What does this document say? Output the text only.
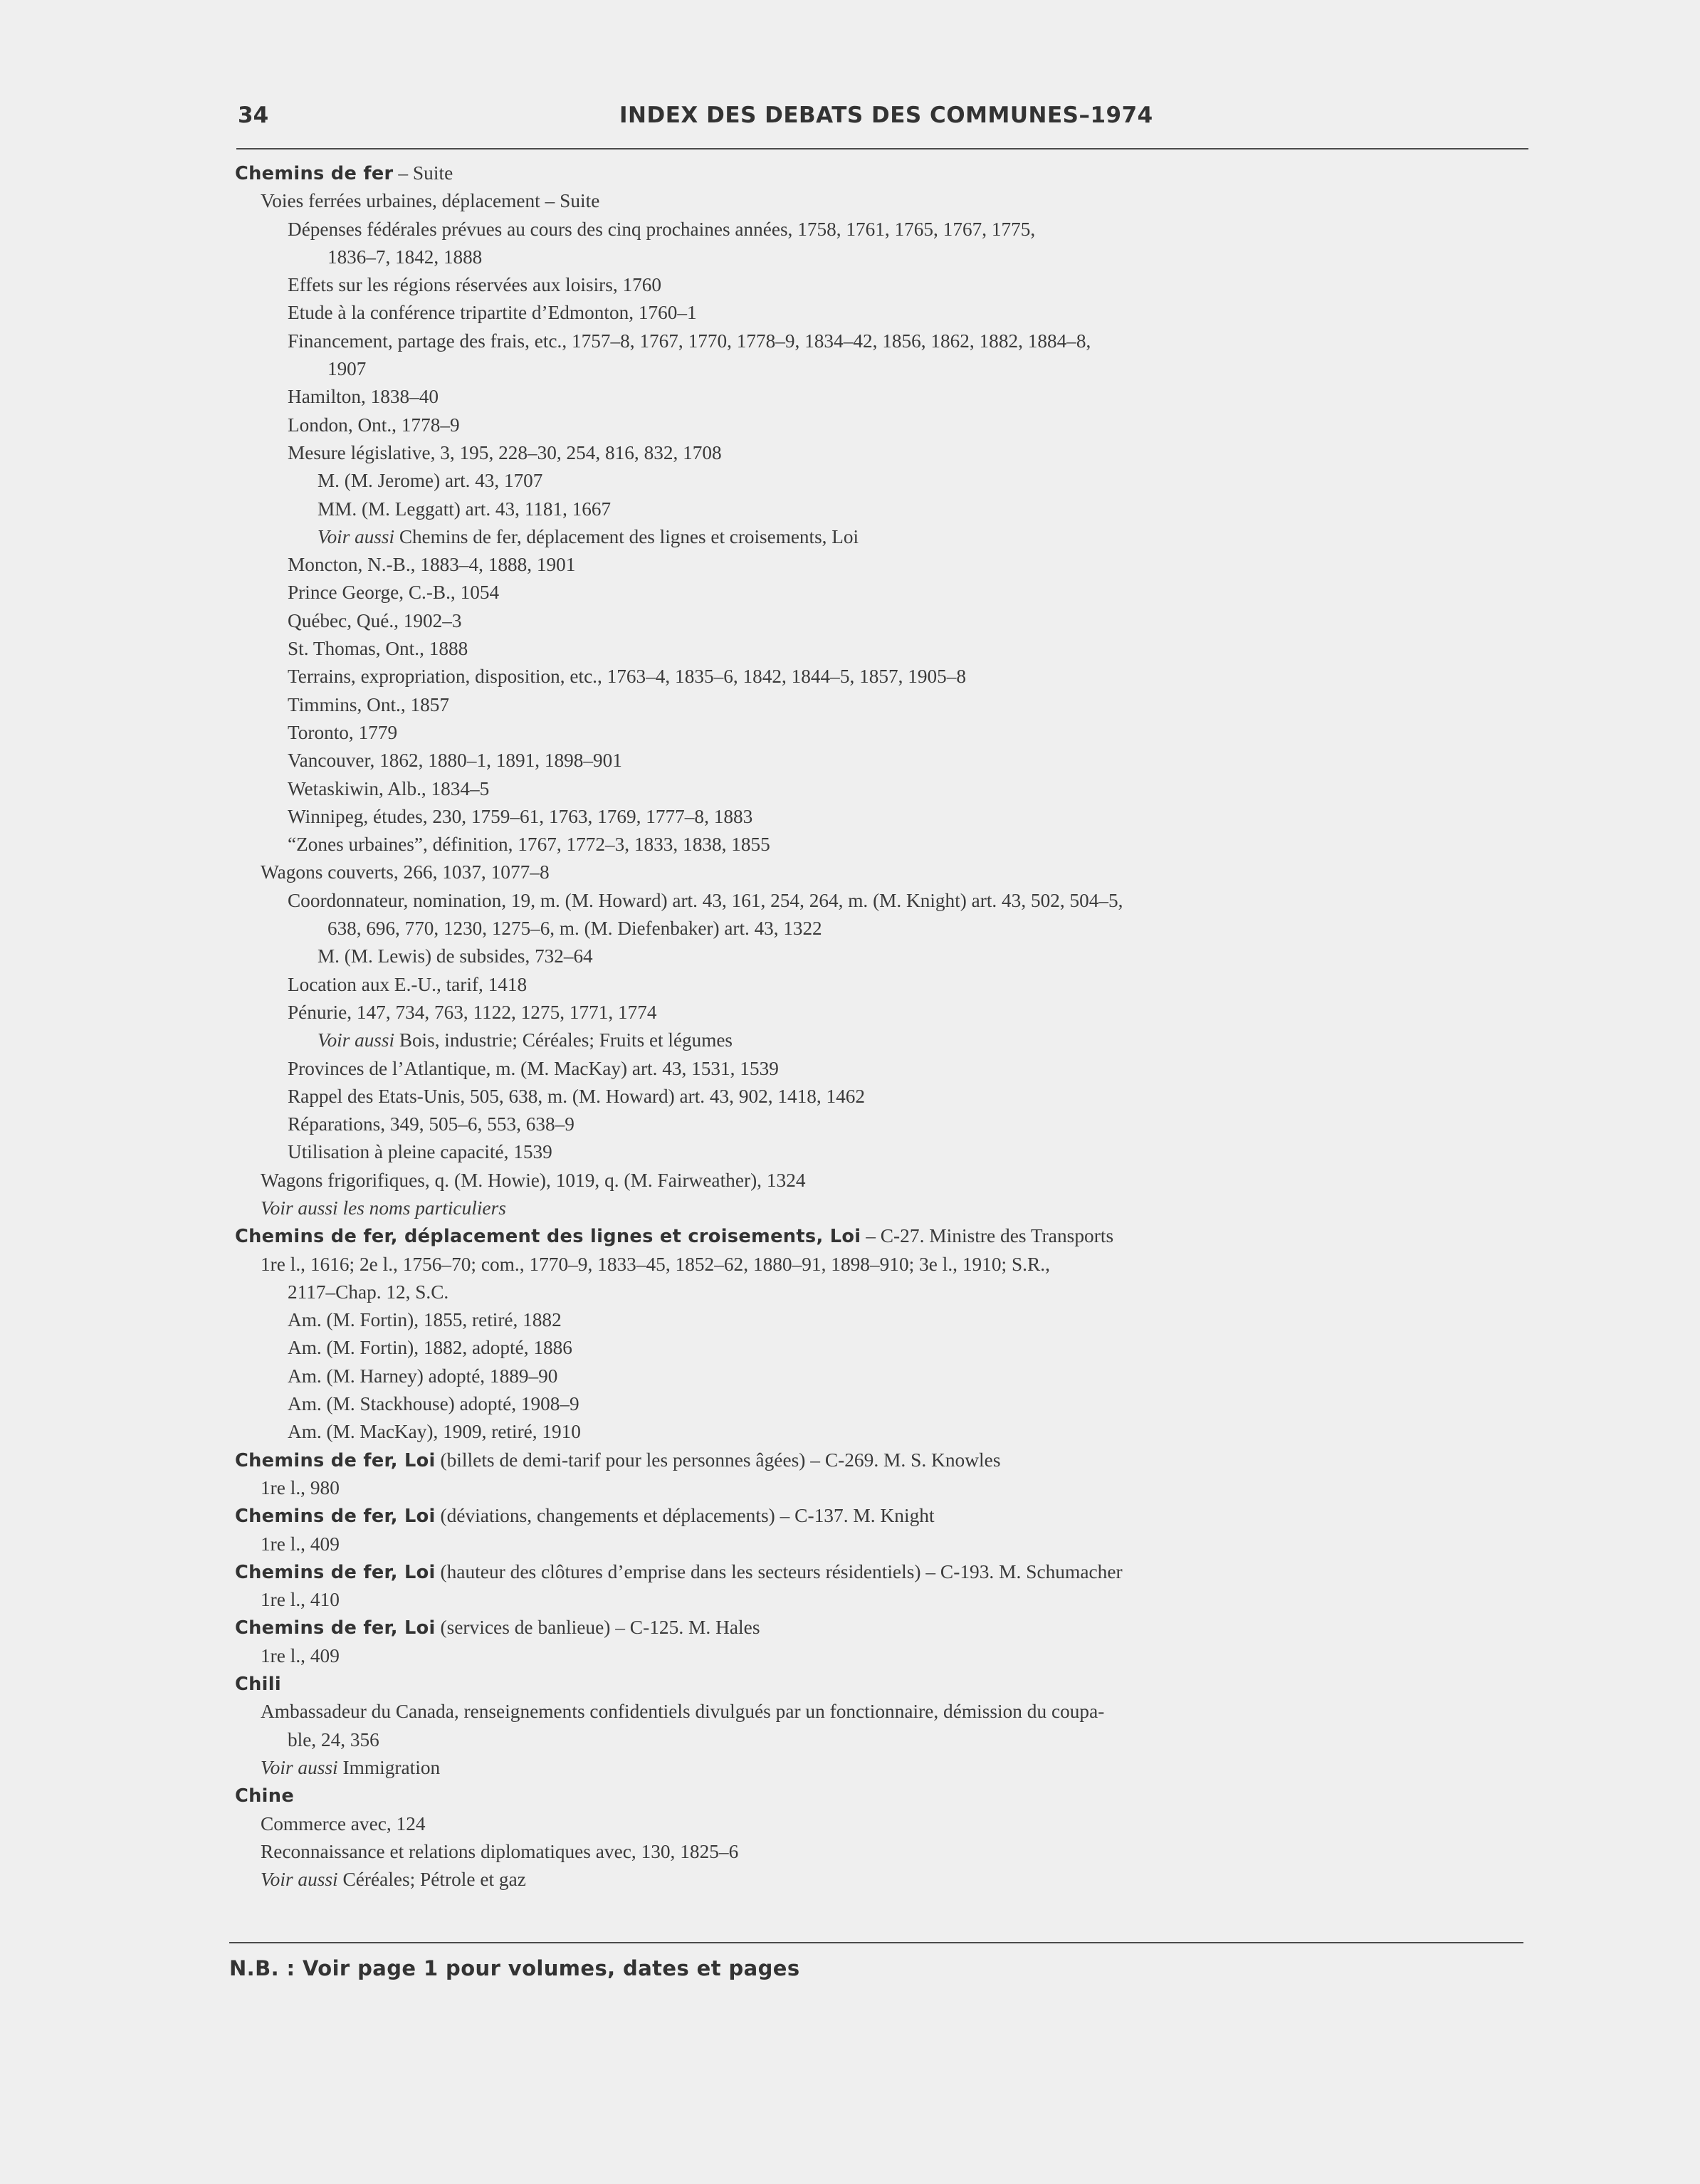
34	INDEX DES DEBATS DES COMMUNES–1974
Chemins de fer – Suite
Voies ferrées urbaines, déplacement – Suite
Dépenses fédérales prévues au cours des cinq prochaines années, 1758, 1761, 1765, 1767, 1775,
1836–7, 1842, 1888
Effets sur les régions réservées aux loisirs, 1760
Etude à la conférence tripartite d’Edmonton, 1760–1
Financement, partage des frais, etc., 1757–8, 1767, 1770, 1778–9, 1834–42, 1856, 1862, 1882, 1884–8,
1907
Hamilton, 1838–40
London, Ont., 1778–9
Mesure législative, 3, 195, 228–30, 254, 816, 832, 1708
M. (M. Jerome) art. 43, 1707
MM. (M. Leggatt) art. 43, 1181, 1667
Voir aussi Chemins de fer, déplacement des lignes et croisements, Loi
Moncton, N.-B., 1883–4, 1888, 1901
Prince George, C.-B., 1054
Québec, Qué., 1902–3
St. Thomas, Ont., 1888
Terrains, expropriation, disposition, etc., 1763–4, 1835–6, 1842, 1844–5, 1857, 1905–8
Timmins, Ont., 1857
Toronto, 1779
Vancouver, 1862, 1880–1, 1891, 1898–901
Wetaskiwin, Alb., 1834–5
Winnipeg, études, 230, 1759–61, 1763, 1769, 1777–8, 1883
“Zones urbaines”, définition, 1767, 1772–3, 1833, 1838, 1855
Wagons couverts, 266, 1037, 1077–8
Coordonnateur, nomination, 19, m. (M. Howard) art. 43, 161, 254, 264, m. (M. Knight) art. 43, 502, 504–5,
638, 696, 770, 1230, 1275–6, m. (M. Diefenbaker) art. 43, 1322
M. (M. Lewis) de subsides, 732–64
Location aux E.-U., tarif, 1418
Pénurie, 147, 734, 763, 1122, 1275, 1771, 1774
Voir aussi Bois, industrie; Céréales; Fruits et légumes
Provinces de l’Atlantique, m. (M. MacKay) art. 43, 1531, 1539
Rappel des Etats-Unis, 505, 638, m. (M. Howard) art. 43, 902, 1418, 1462
Réparations, 349, 505–6, 553, 638–9
Utilisation à pleine capacité, 1539
Wagons frigorifiques, q. (M. Howie), 1019, q. (M. Fairweather), 1324
Voir aussi les noms particuliers
Chemins de fer, déplacement des lignes et croisements, Loi – C-27. Ministre des Transports
1re l., 1616; 2e l., 1756–70; com., 1770–9, 1833–45, 1852–62, 1880–91, 1898–910; 3e l., 1910; S.R.,
2117–Chap. 12, S.C.
Am. (M. Fortin), 1855, retiré, 1882
Am. (M. Fortin), 1882, adopté, 1886
Am. (M. Harney) adopté, 1889–90
Am. (M. Stackhouse) adopté, 1908–9
Am. (M. MacKay), 1909, retiré, 1910
Chemins de fer, Loi (billets de demi-tarif pour les personnes âgées) – C-269. M. S. Knowles
1re l., 980
Chemins de fer, Loi (déviations, changements et déplacements) – C-137. M. Knight
1re l., 409
Chemins de fer, Loi (hauteur des clôtures d’emprise dans les secteurs résidentiels) – C-193. M. Schumacher
1re l., 410
Chemins de fer, Loi (services de banlieue) – C-125. M. Hales
1re l., 409
Chili
Ambassadeur du Canada, renseignements confidentiels divulgués par un fonctionnaire, démission du coupa-
ble, 24, 356
Voir aussi Immigration
Chine
Commerce avec, 124
Reconnaissance et relations diplomatiques avec, 130, 1825–6
Voir aussi Céréales; Pétrole et gaz
N.B. : Voir page 1 pour volumes, dates et pages
